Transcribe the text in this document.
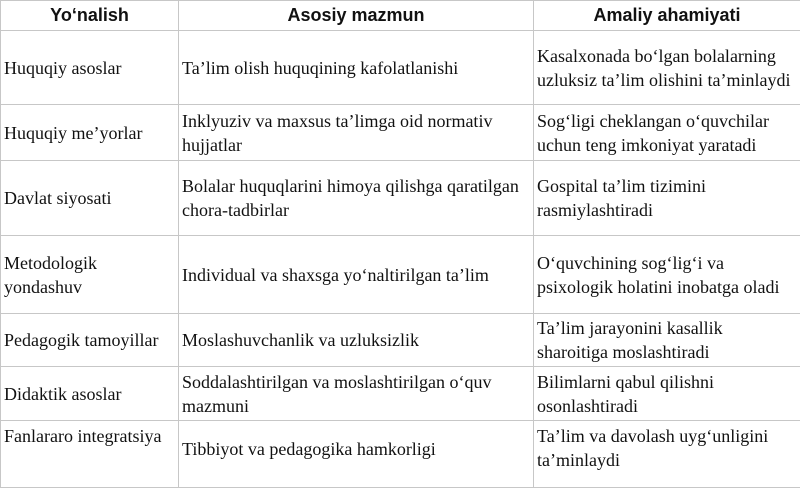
Yo‘nalish	Asosiy mazmun	Amaliy ahamiyati
Huquqiy asoslar	Ta’lim olish huquqining kafolatlanishi	Kasalxonada bo‘lgan bolalarning uzluksiz ta’lim olishini ta’minlaydi
Huquqiy me’yorlar	Inklyuziv va maxsus ta’limga oid normativ hujjatlar	Sog‘ligi cheklangan o‘quvchilar uchun teng imkoniyat yaratadi
Davlat siyosati	Bolalar huquqlarini himoya qilishga qaratilgan chora-tadbirlar	Gospital ta’lim tizimini rasmiylashtiradi
Metodologik yondashuv	Individual va shaxsga yo‘naltirilgan ta’lim	O‘quvchining sog‘lig‘i va psixologik holatini inobatga oladi
Pedagogik tamoyillar	Moslashuvchanlik va uzluksizlik	Ta’lim jarayonini kasallik sharoitiga moslashtiradi
Didaktik asoslar	Soddalashtirilgan va moslashtirilgan o‘quv mazmuni	Bilimlarni qabul qilishni osonlashtiradi
Fanlararo integratsiya	Tibbiyot va pedagogika hamkorligi	Ta’lim va davolash uyg‘unligini ta’minlaydi
